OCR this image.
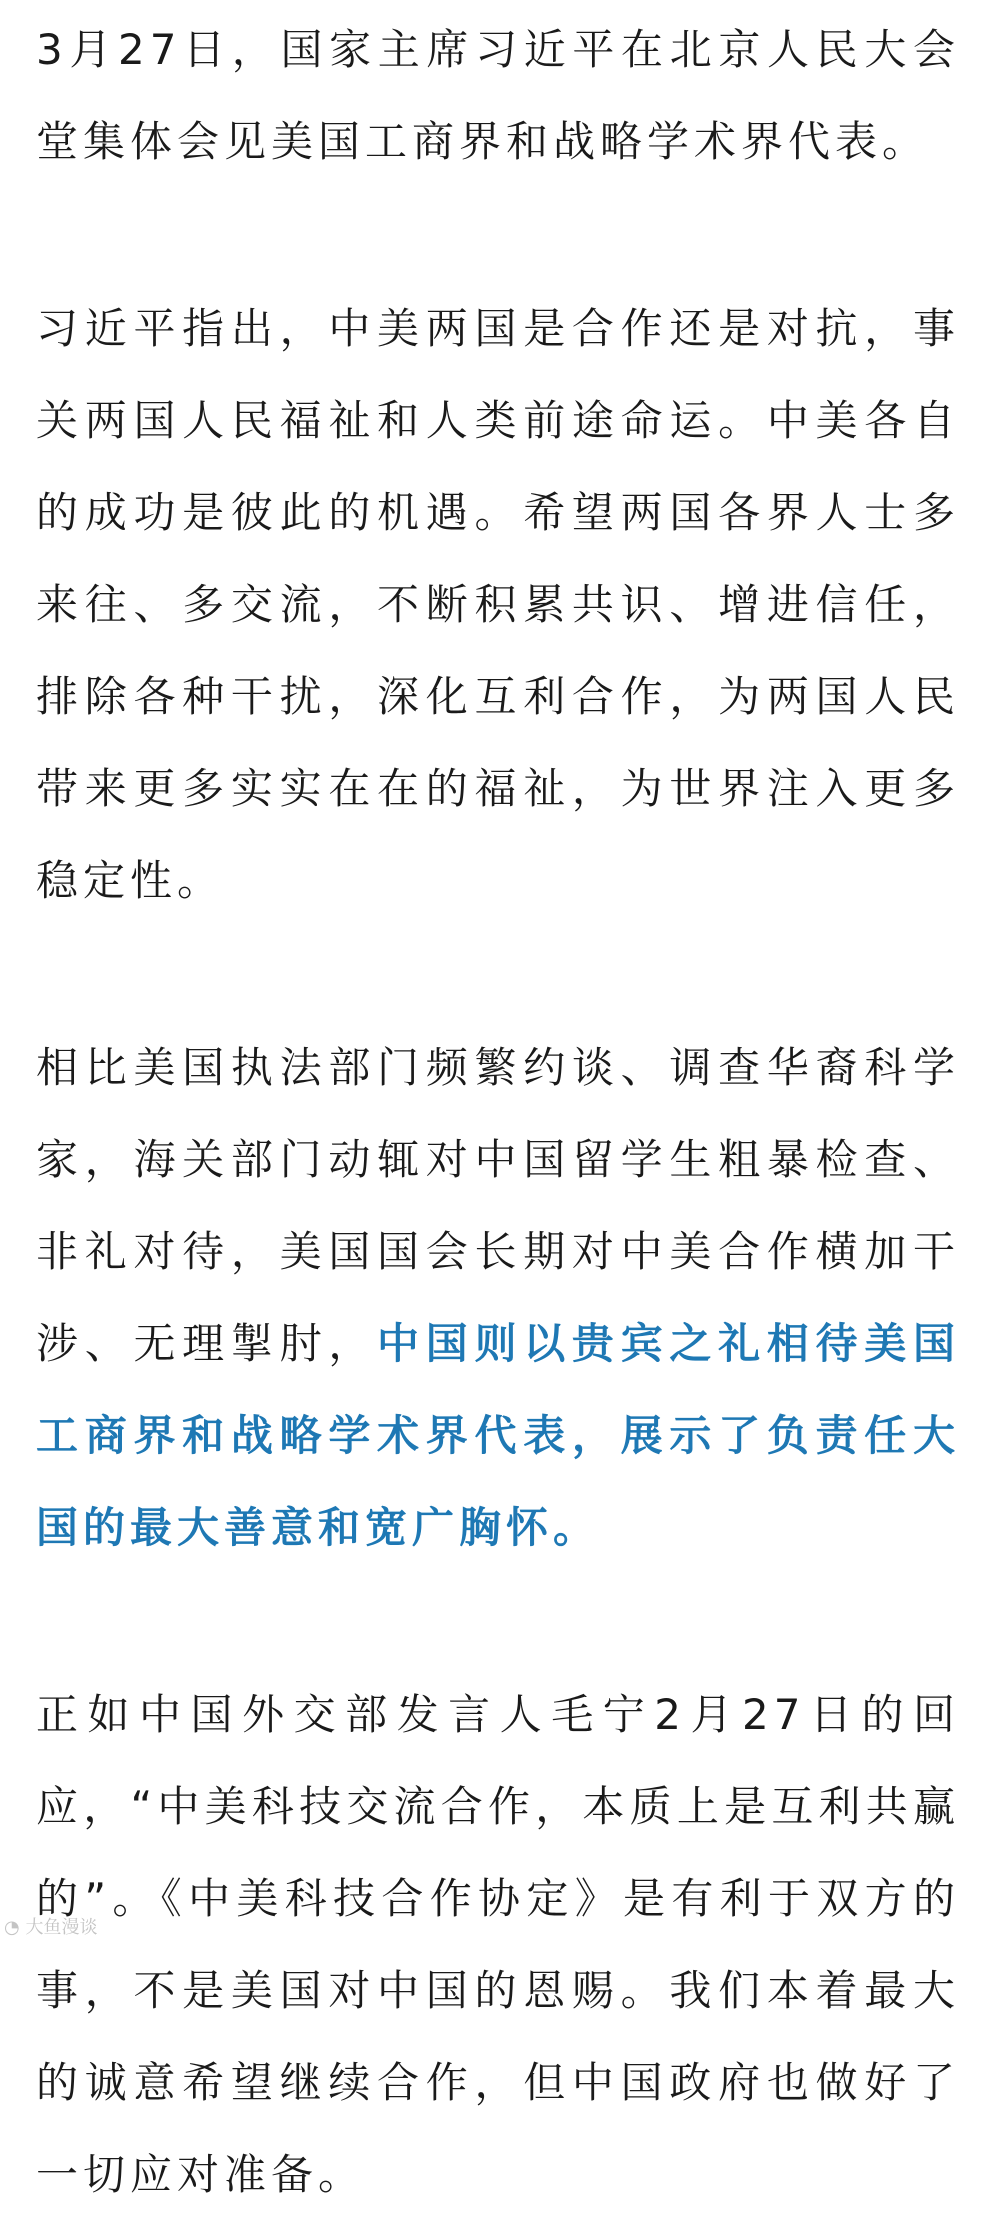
3月27日，国家主席习近平在北京人民大会堂集体会见美国工商界和战略学术界代表。

习近平指出，中美两国是合作还是对抗，事关两国人民福祉和人类前途命运。中美各自的成功是彼此的机遇。希望两国各界人士多来往、多交流，不断积累共识、增进信任，排除各种干扰，深化互利合作，为两国人民带来更多实实在在的福祉，为世界注入更多稳定性。

相比美国执法部门频繁约谈、调查华裔科学家，海关部门动辄对中国留学生粗暴检查、非礼对待，美国国会长期对中美合作横加干涉、无理掣肘，中国则以贵宾之礼相待美国工商界和战略学术界代表，展示了负责任大国的最大善意和宽广胸怀。

正如中国外交部发言人毛宁2月27日的回应，“中美科技交流合作，本质上是互利共赢的”。《中美科技合作协定》是有利于双方的事，不是美国对中国的恩赐。我们本着最大的诚意希望继续合作，但中国政府也做好了一切应对准备。

◔ 大鱼漫谈
